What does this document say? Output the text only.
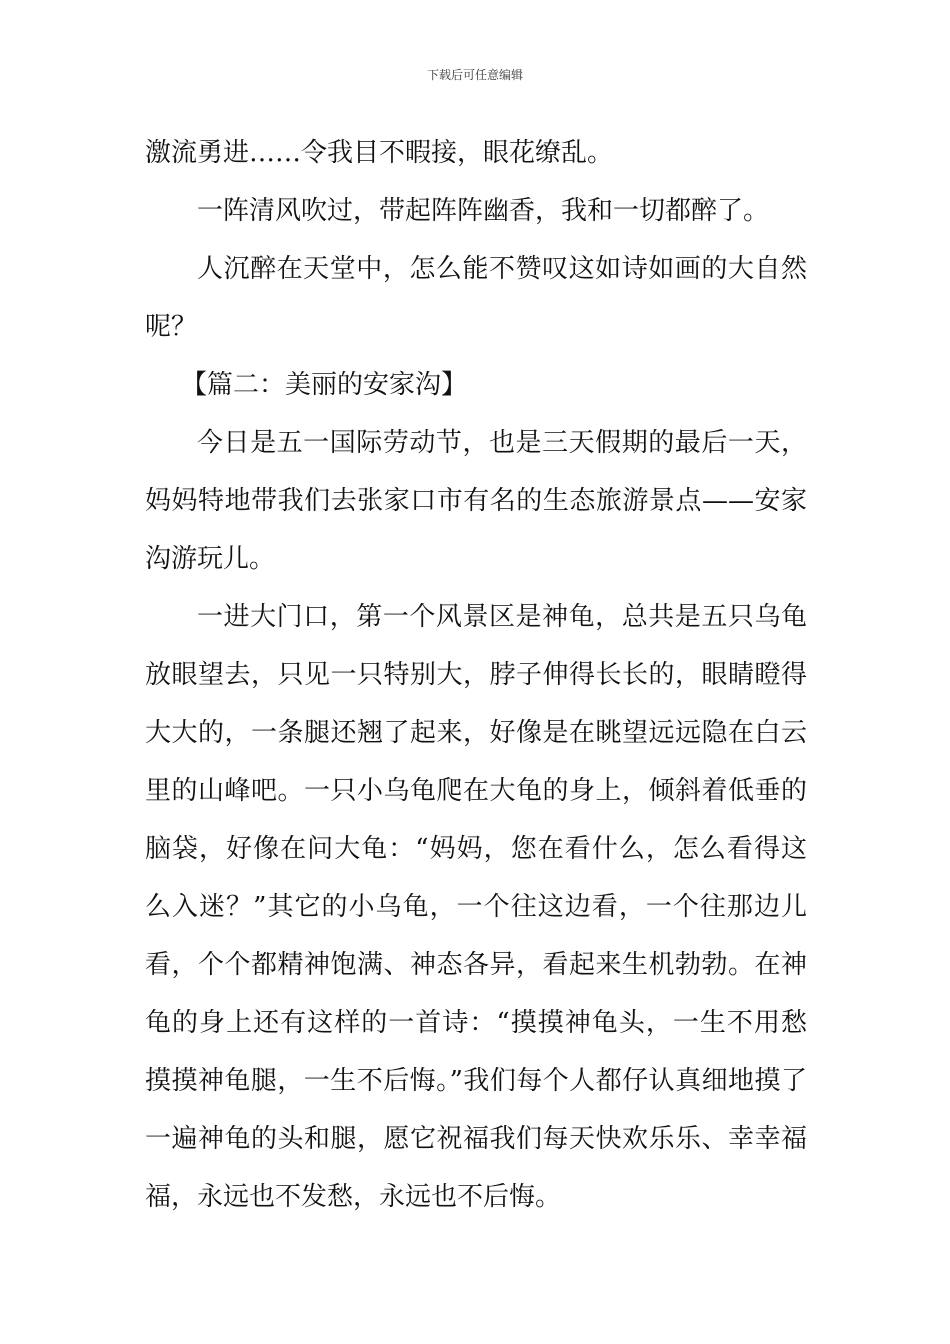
下载后可任意编辑

激流勇进……令我目不暇接，眼花缭乱。

一阵清风吹过，带起阵阵幽香，我和一切都醉了。

人沉醉在天堂中，怎么能不赞叹这如诗如画的大自然呢？

【篇二：美丽的安家沟】

今日是五一国际劳动节，也是三天假期的最后一天，妈妈特地带我们去张家口市有名的生态旅游景点——安家沟游玩儿。

一进大门口，第一个风景区是神龟，总共是五只乌龟放眼望去，只见一只特别大，脖子伸得长长的，眼睛瞪得大大的，一条腿还翘了起来，好像是在眺望远远隐在白云里的山峰吧。一只小乌龟爬在大龟的身上，倾斜着低垂的脑袋，好像在问大龟：“妈妈，您在看什么，怎么看得这么入迷？”其它的小乌龟，一个往这边看，一个往那边儿看，个个都精神饱满、神态各异，看起来生机勃勃。在神龟的身上还有这样的一首诗：“摸摸神龟头，一生不用愁摸摸神龟腿，一生不后悔。”我们每个人都仔认真细地摸了一遍神龟的头和腿，愿它祝福我们每天快欢乐乐、幸幸福福，永远也不发愁，永远也不后悔。
